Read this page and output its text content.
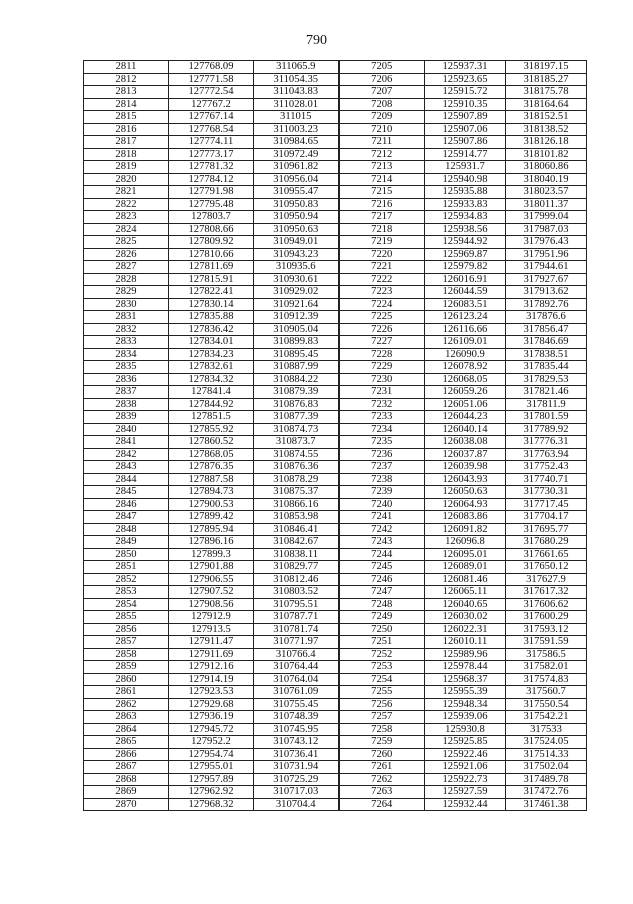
790
2811	127768.09	311065.9	7205	125937.31	318197.15
2812	127771.58	311054.35	7206	125923.65	318185.27
2813	127772.54	311043.83	7207	125915.72	318175.78
2814	127767.2	311028.01	7208	125910.35	318164.64
2815	127767.14	311015	7209	125907.89	318152.51
2816	127768.54	311003.23	7210	125907.06	318138.52
2817	127774.11	310984.65	7211	125907.86	318126.18
2818	127773.17	310972.49	7212	125914.77	318101.82
2819	127781.32	310961.82	7213	125931.7	318060.86
2820	127784.12	310956.04	7214	125940.98	318040.19
2821	127791.98	310955.47	7215	125935.88	318023.57
2822	127795.48	310950.83	7216	125933.83	318011.37
2823	127803.7	310950.94	7217	125934.83	317999.04
2824	127808.66	310950.63	7218	125938.56	317987.03
2825	127809.92	310949.01	7219	125944.92	317976.43
2826	127810.66	310943.23	7220	125969.87	317951.96
2827	127811.69	310935.6	7221	125979.82	317944.61
2828	127815.91	310930.61	7222	126016.91	317927.67
2829	127822.41	310929.02	7223	126044.59	317913.62
2830	127830.14	310921.64	7224	126083.51	317892.76
2831	127835.88	310912.39	7225	126123.24	317876.6
2832	127836.42	310905.04	7226	126116.66	317856.47
2833	127834.01	310899.83	7227	126109.01	317846.69
2834	127834.23	310895.45	7228	126090.9	317838.51
2835	127832.61	310887.99	7229	126078.92	317835.44
2836	127834.32	310884.22	7230	126068.05	317829.53
2837	127841.4	310879.39	7231	126059.26	317821.46
2838	127844.92	310876.83	7232	126051.06	317811.9
2839	127851.5	310877.39	7233	126044.23	317801.59
2840	127855.92	310874.73	7234	126040.14	317789.92
2841	127860.52	310873.7	7235	126038.08	317776.31
2842	127868.05	310874.55	7236	126037.87	317763.94
2843	127876.35	310876.36	7237	126039.98	317752.43
2844	127887.58	310878.29	7238	126043.93	317740.71
2845	127894.73	310875.37	7239	126050.63	317730.31
2846	127900.53	310866.16	7240	126064.93	317717.45
2847	127899.42	310853.98	7241	126083.86	317704.17
2848	127895.94	310846.41	7242	126091.82	317695.77
2849	127896.16	310842.67	7243	126096.8	317680.29
2850	127899.3	310838.11	7244	126095.01	317661.65
2851	127901.88	310829.77	7245	126089.01	317650.12
2852	127906.55	310812.46	7246	126081.46	317627.9
2853	127907.52	310803.52	7247	126065.11	317617.32
2854	127908.56	310795.51	7248	126040.65	317606.62
2855	127912.9	310787.71	7249	126030.02	317600.29
2856	127913.5	310781.74	7250	126022.31	317593.12
2857	127911.47	310771.97	7251	126010.11	317591.59
2858	127911.69	310766.4	7252	125989.96	317586.5
2859	127912.16	310764.44	7253	125978.44	317582.01
2860	127914.19	310764.04	7254	125968.37	317574.83
2861	127923.53	310761.09	7255	125955.39	317560.7
2862	127929.68	310755.45	7256	125948.34	317550.54
2863	127936.19	310748.39	7257	125939.06	317542.21
2864	127945.72	310745.95	7258	125930.8	317533
2865	127952.2	310743.12	7259	125925.85	317524.05
2866	127954.74	310736.41	7260	125922.46	317514.33
2867	127955.01	310731.94	7261	125921.06	317502.04
2868	127957.89	310725.29	7262	125922.73	317489.78
2869	127962.92	310717.03	7263	125927.59	317472.76
2870	127968.32	310704.4	7264	125932.44	317461.38
